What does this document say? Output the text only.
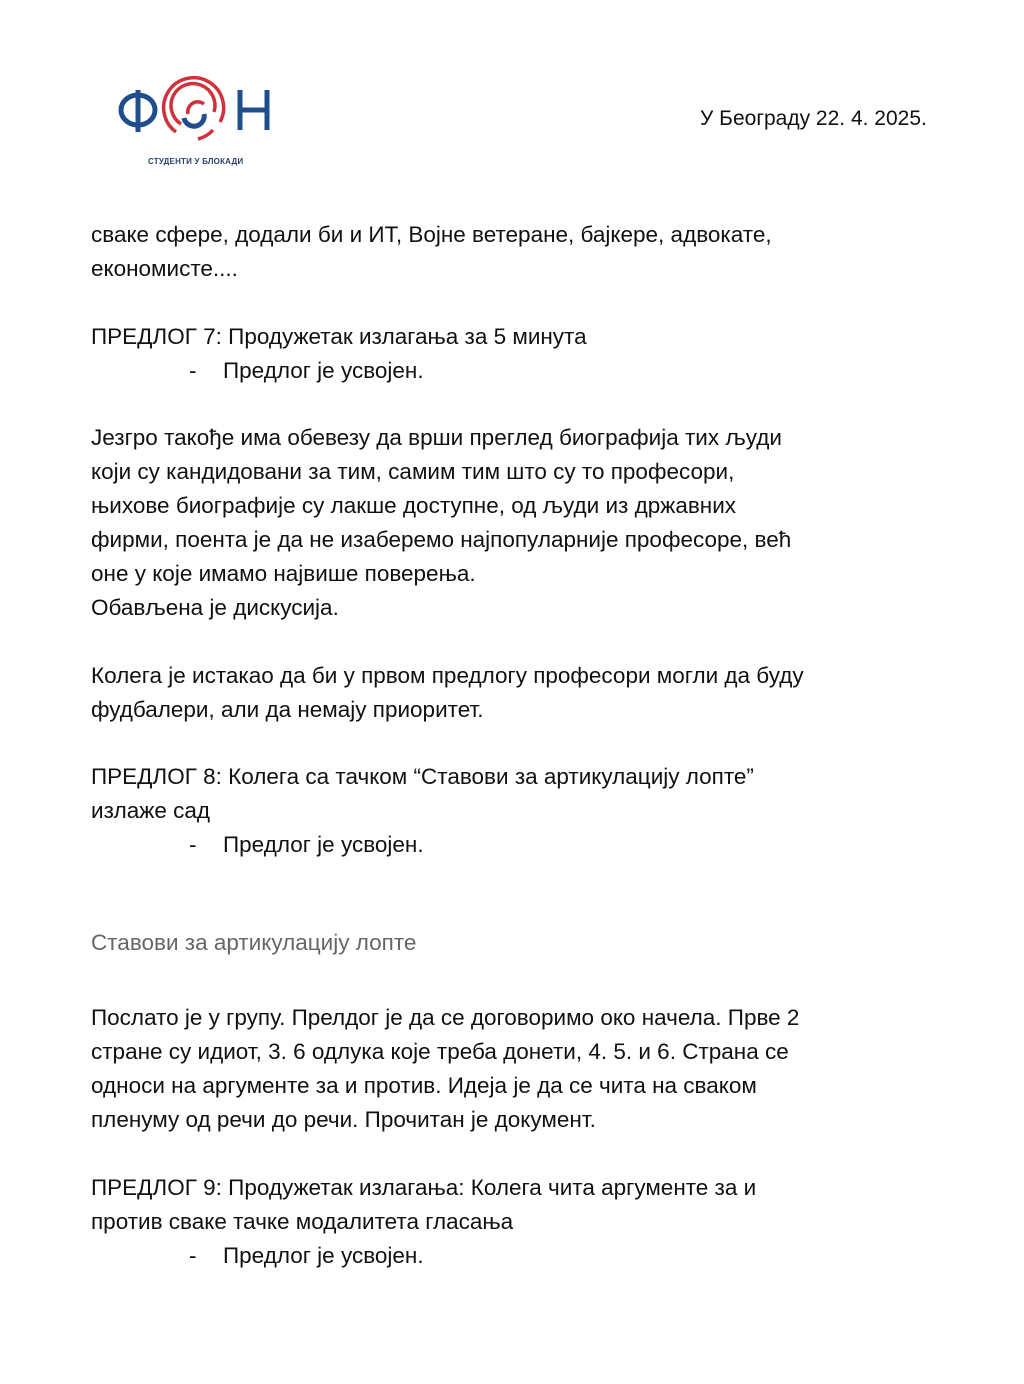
СТУДЕНТИ У БЛОКАДИ
У Београду 22. 4. 2025.
сваке сфере, додали би и ИТ, Војне ветеране, бајкере, адвокате,
економисте....
ПРЕДЛОГ 7: Продужетак излагања за 5 минута
- Предлог је усвојен.
Језгро такође има обевезу да врши преглед биографија тих људи
који су кандидовани за тим, самим тим што су то професори,
њихове биографије су лакше доступне, од људи из државних
фирми, поента је да не изаберемо најпопуларније професоре, већ
оне у које имамо највише поверења.
Обављена је дискусија.
Колега је истакао да би у првом предлогу професори могли да буду
фудбалери, али да немају приоритет.
ПРЕДЛОГ 8: Колега са тачком “Ставови за артикулацију лопте”
излаже сад
- Предлог је усвојен.
Ставови за артикулацију лопте
Послато је у групу. Прелдог је да се договоримо око начела. Прве 2
стране су идиот, 3. 6 одлука које треба донети, 4. 5. и 6. Страна се
односи на аргументе за и против. Идеја је да се чита на сваком
пленуму од речи до речи. Прочитан је документ.
ПРЕДЛОГ 9: Продужетак излагања: Колега чита аргументе за и
против сваке тачке модалитета гласања
- Предлог је усвојен.
